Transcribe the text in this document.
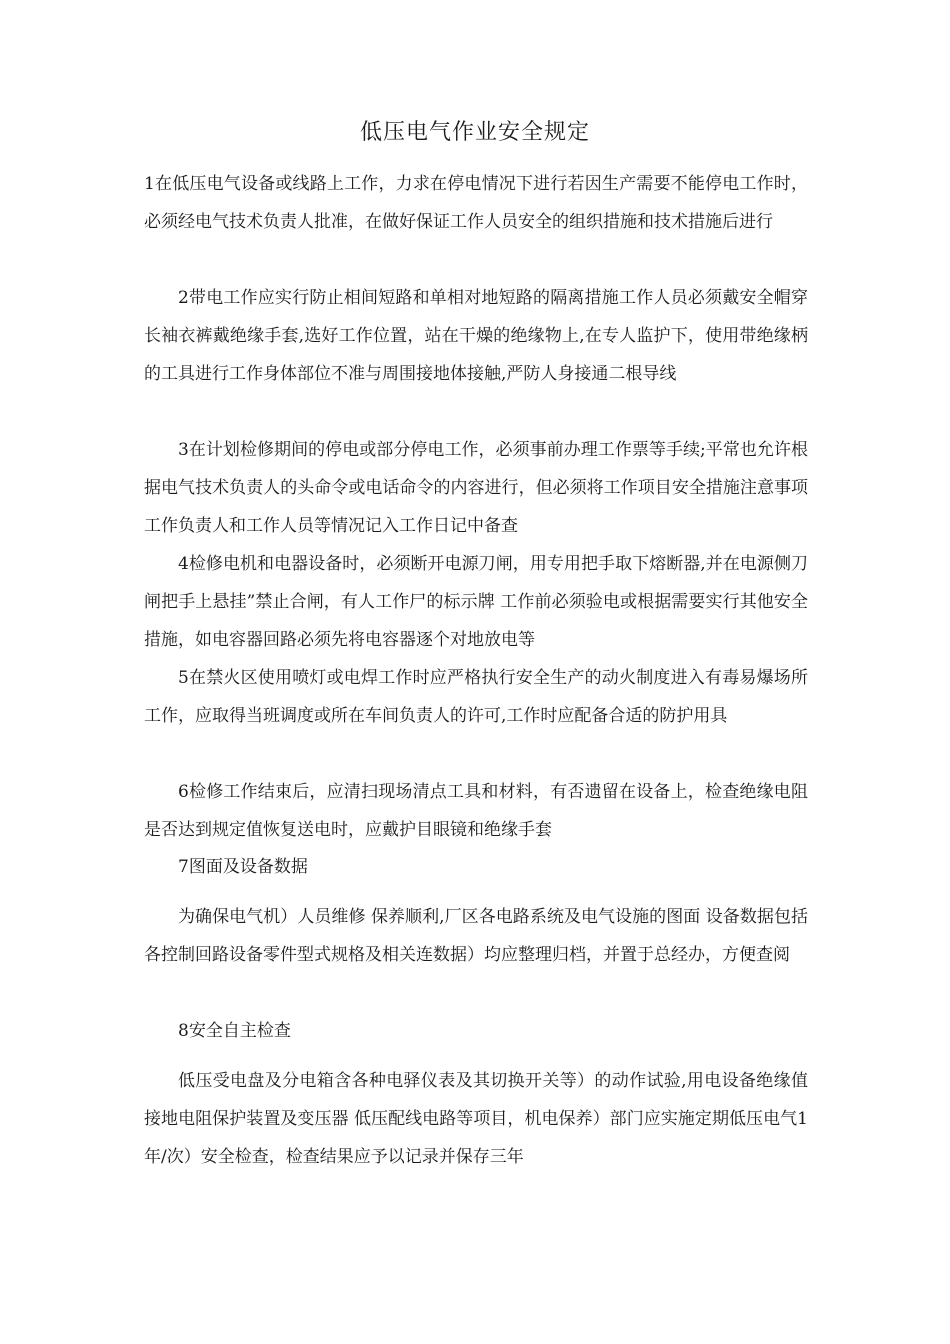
低压电气作业安全规定

1在低压电气设备或线路上工作，力求在停电情况下进行若因生产需要不能停电工作时，必须经电气技术负责人批准，在做好保证工作人员安全的组织措施和技术措施后进行

2带电工作应实行防止相间短路和单相对地短路的隔离措施工作人员必须戴安全帽穿长袖衣裤戴绝缘手套,选好工作位置，站在干燥的绝缘物上,在专人监护下，使用带绝缘柄的工具进行工作身体部位不准与周围接地体接触,严防人身接通二根导线

3在计划检修期间的停电或部分停电工作，必须事前办理工作票等手续;平常也允许根据电气技术负责人的头命令或电话命令的内容进行，但必须将工作项目安全措施注意事项工作负责人和工作人员等情况记入工作日记中备查

4检修电机和电器设备时，必须断开电源刀闸，用专用把手取下熔断器,并在电源侧刀闸把手上悬挂”禁止合闸，有人工作尸的标示牌 工作前必须验电或根据需要实行其他安全措施，如电容器回路必须先将电容器逐个对地放电等

5在禁火区使用喷灯或电焊工作时应严格执行安全生产的动火制度进入有毒易爆场所工作，应取得当班调度或所在车间负责人的许可,工作时应配备合适的防护用具

6检修工作结束后，应清扫现场清点工具和材料，有否遗留在设备上，检查绝缘电阻是否达到规定值恢复送电时，应戴护目眼镜和绝缘手套

7图面及设备数据

为确保电气机）人员维修 保养顺利,厂区各电路系统及电气设施的图面 设备数据包括各控制回路设备零件型式规格及相关连数据）均应整理归档，并置于总经办，方便查阅

8安全自主检查

低压受电盘及分电箱含各种电驿仪表及其切换开关等）的动作试验,用电设备绝缘值 接地电阻保护装置及变压器 低压配线电路等项目，机电保养）部门应实施定期低压电气1年/次）安全检查，检查结果应予以记录并保存三年
